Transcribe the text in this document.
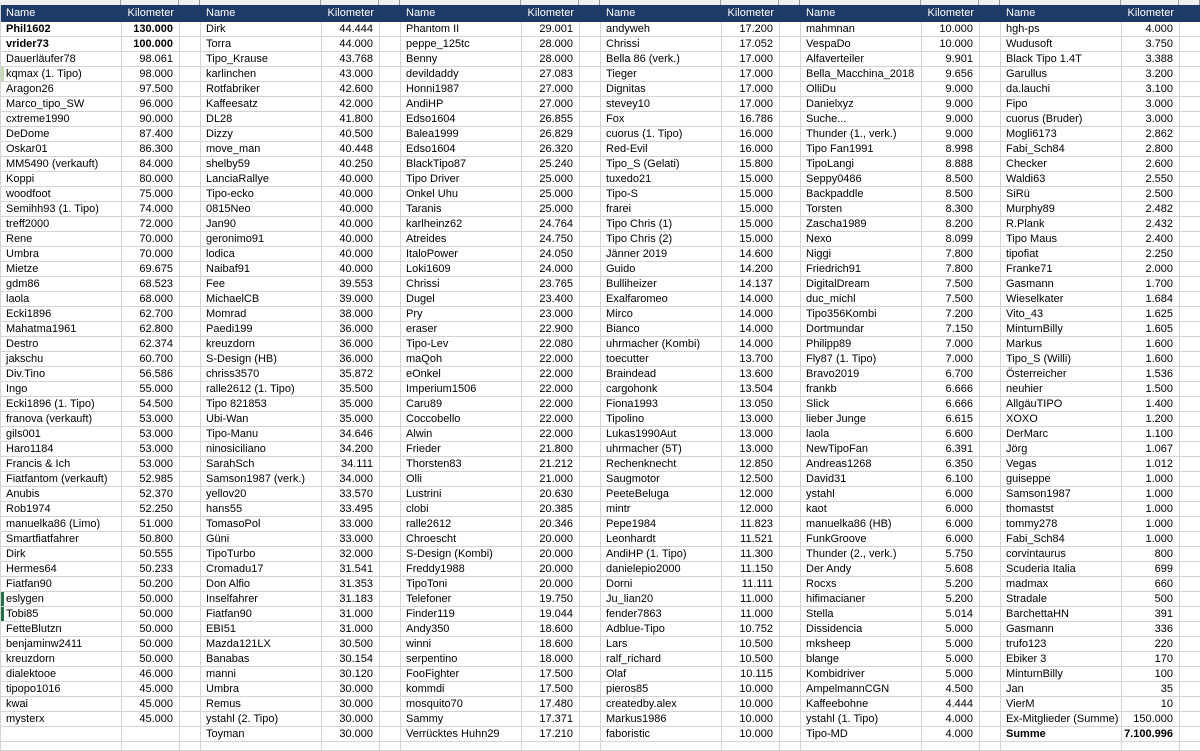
Name	Kilometer
Phil1602	130.000
vrider73	100.000
Dauerläufer78	98.061
kqmax (1. Tipo)	98.000
Aragon26	97.500
Marco_tipo_SW	96.000
cxtreme1990	90.000
DeDome	87.400
Oskar01	86.300
MM5490 (verkauft)	84.000
Koppi	80.000
woodfoot	75.000
Semihh93 (1. Tipo)	74.000
treff2000	72.000
Rene	70.000
Umbra	70.000
Mietze	69.675
gdm86	68.523
laola	68.000
Ecki1896	62.700
Mahatma1961	62.800
Destro	62.374
jakschu	60.700
Div.Tino	56.586
Ingo	55.000
Ecki1896 (1. Tipo)	54.500
franova (verkauft)	53.000
gils001	53.000
Haro1184	53.000
Francis & Ich	53.000
Fiatfantom (verkauft)	52.985
Anubis	52.370
Rob1974	52.250
manuelka86 (Limo)	51.000
Smartfiatfahrer	50.800
Dirk	50.555
Hermes64	50.233
Fiatfan90	50.200
eslygen	50.000
Tobi85	50.000
FetteBlutzn	50.000
benjaminw2411	50.000
kreuzdorn	50.000
dialektooe	46.000
tipopo1016	45.000
kwai	45.000
mysterx	45.000
Name	Kilometer
Dirk	44.444
Torra	44.000
Tipo_Krause	43.768
karlinchen	43.000
Rotfabriker	42.600
Kaffeesatz	42.000
DL28	41.800
Dizzy	40.500
move_man	40.448
shelby59	40.250
LanciaRallye	40.000
Tipo-ecko	40.000
0815Neo	40.000
Jan90	40.000
geronimo91	40.000
lodica	40.000
Naibaf91	40.000
Fee	39.553
MichaelCB	39.000
Momrad	38.000
Paedi199	36.000
kreuzdorn	36.000
S-Design (HB)	36.000
chriss3570	35.872
ralle2612 (1. Tipo)	35.500
Tipo 821853	35.000
Ubi-Wan	35.000
Tipo-Manu	34.646
ninosiciliano	34.200
SarahSch	34.111
Samson1987 (verk.)	34.000
yellov20	33.570
hans55	33.495
TomasoPol	33.000
Güni	33.000
TipoTurbo	32.000
Cromadu17	31.541
Don Alfio	31.353
Inselfahrer	31.183
Fiatfan90	31.000
EBI51	31.000
Mazda121LX	30.500
Banabas	30.154
manni	30.120
Umbra	30.000
Remus	30.000
ystahl (2. Tipo)	30.000
Toyman	30.000
Name	Kilometer
Phantom II	29.001
peppe_125tc	28.000
Benny	28.000
devildaddy	27.083
Honni1987	27.000
AndiHP	27.000
Edso1604	26.855
Balea1999	26.829
Edso1604	26.320
BlackTipo87	25.240
Tipo Driver	25.000
Onkel Uhu	25.000
Taranis	25.000
karlheinz62	24.764
Atreides	24.750
ItaloPower	24.050
Loki1609	24.000
Chrissi	23.765
Dugel	23.400
Pry	23.000
eraser	22.900
Tipo-Lev	22.080
maQoh	22.000
eOnkel	22.000
Imperium1506	22.000
Caru89	22.000
Coccobello	22.000
Alwin	22.000
Frieder	21.800
Thorsten83	21.212
Olli	21.000
Lustrini	20.630
clobi	20.385
ralle2612	20.346
Chroescht	20.000
S-Design (Kombi)	20.000
Freddy1988	20.000
TipoToni	20.000
Telefoner	19.750
Finder119	19.044
Andy350	18.600
winni	18.600
serpentino	18.000
FooFighter	17.500
kommdi	17.500
mosquito70	17.480
Sammy	17.371
Verrücktes Huhn29	17.210
Name	Kilometer
andyweh	17.200
Chrissi	17.052
Bella 86 (verk.)	17.000
Tieger	17.000
Dignitas	17.000
stevey10	17.000
Fox	16.786
cuorus (1. Tipo)	16.000
Red-Evil	16.000
Tipo_S (Gelati)	15.800
tuxedo21	15.000
Tipo-S	15.000
frarei	15.000
Tipo Chris (1)	15.000
Tipo Chris (2)	15.000
Jänner 2019	14.600
Guido	14.200
Bulliheizer	14.137
Exalfaromeo	14.000
Mirco	14.000
Bianco	14.000
uhrmacher (Kombi)	14.000
toecutter	13.700
Braindead	13.600
cargohonk	13.504
Fiona1993	13.050
Tipolino	13.000
Lukas1990Aut	13.000
uhrmacher (5T)	13.000
Rechenknecht	12.850
Saugmotor	12.500
PeeteBeluga	12.000
mintr	12.000
Pepe1984	11.823
Leonhardt	11.521
AndiHP (1. Tipo)	11.300
danielepio2000	11.150
Dorni	11.111
Ju_lian20	11.000
fender7863	11.000
Adblue-Tipo	10.752
Lars	10.500
ralf_richard	10.500
Olaf	10.115
pieros85	10.000
createdby.alex	10.000
Markus1986	10.000
faboristic	10.000
Name	Kilometer
mahmnan	10.000
VespaDo	10.000
Alfaverteiler	9.901
Bella_Macchina_2018	9.656
OlliDu	9.000
Danielxyz	9.000
Suche...	9.000
Thunder (1., verk.)	9.000
Tipo Fan1991	8.998
TipoLangi	8.888
Seppy0486	8.500
Backpaddle	8.500
Torsten	8.300
Zascha1989	8.200
Nexo	8.099
Niggi	7.800
Friedrich91	7.800
DigitalDream	7.500
duc_michl	7.500
Tipo356Kombi	7.200
Dortmundar	7.150
Philipp89	7.000
Fly87 (1. Tipo)	7.000
Bravo2019	6.700
frankb	6.666
Slick	6.666
lieber Junge	6.615
laola	6.600
NewTipoFan	6.391
Andreas1268	6.350
David31	6.100
ystahl	6.000
kaot	6.000
manuelka86 (HB)	6.000
FunkGroove	6.000
Thunder (2., verk.)	5.750
Der Andy	5.608
Rocxs	5.200
hifimacianer	5.200
Stella	5.014
Dissidencia	5.000
mksheep	5.000
blange	5.000
Kombidriver	5.000
AmpelmannCGN	4.500
Kaffeebohne	4.444
ystahl (1. Tipo)	4.000
Tipo-MD	4.000
Name	Kilometer
hgh-ps	4.000
Wudusoft	3.750
Black Tipo 1.4T	3.388
Garullus	3.200
da.lauchi	3.100
Fipo	3.000
cuorus (Bruder)	3.000
Mogli6173	2.862
Fabi_Sch84	2.800
Checker	2.600
Waldi63	2.550
SiRü	2.500
Murphy89	2.482
R.Plank	2.432
Tipo Maus	2.400
tipofiat	2.250
Franke71	2.000
Gasmann	1.700
Wieselkater	1.684
Vito_43	1.625
MinturnBilly	1.605
Markus	1.600
Tipo_S (Willi)	1.600
Österreicher	1.536
neuhier	1.500
AllgäuTIPO	1.400
XOXO	1.200
DerMarc	1.100
Jörg	1.067
Vegas	1.012
guiseppe	1.000
Samson1987	1.000
thomastst	1.000
tommy278	1.000
Fabi_Sch84	1.000
corvintaurus	800
Scuderia Italia	699
madmax	660
Stradale	500
BarchettaHN	391
Gasmann	336
trufo123	220
Ebiker 3	170
MinturnBilly	100
Jan	35
VierM	10
Ex-Mitglieder (Summe)	150.000
Summe	7.100.996
